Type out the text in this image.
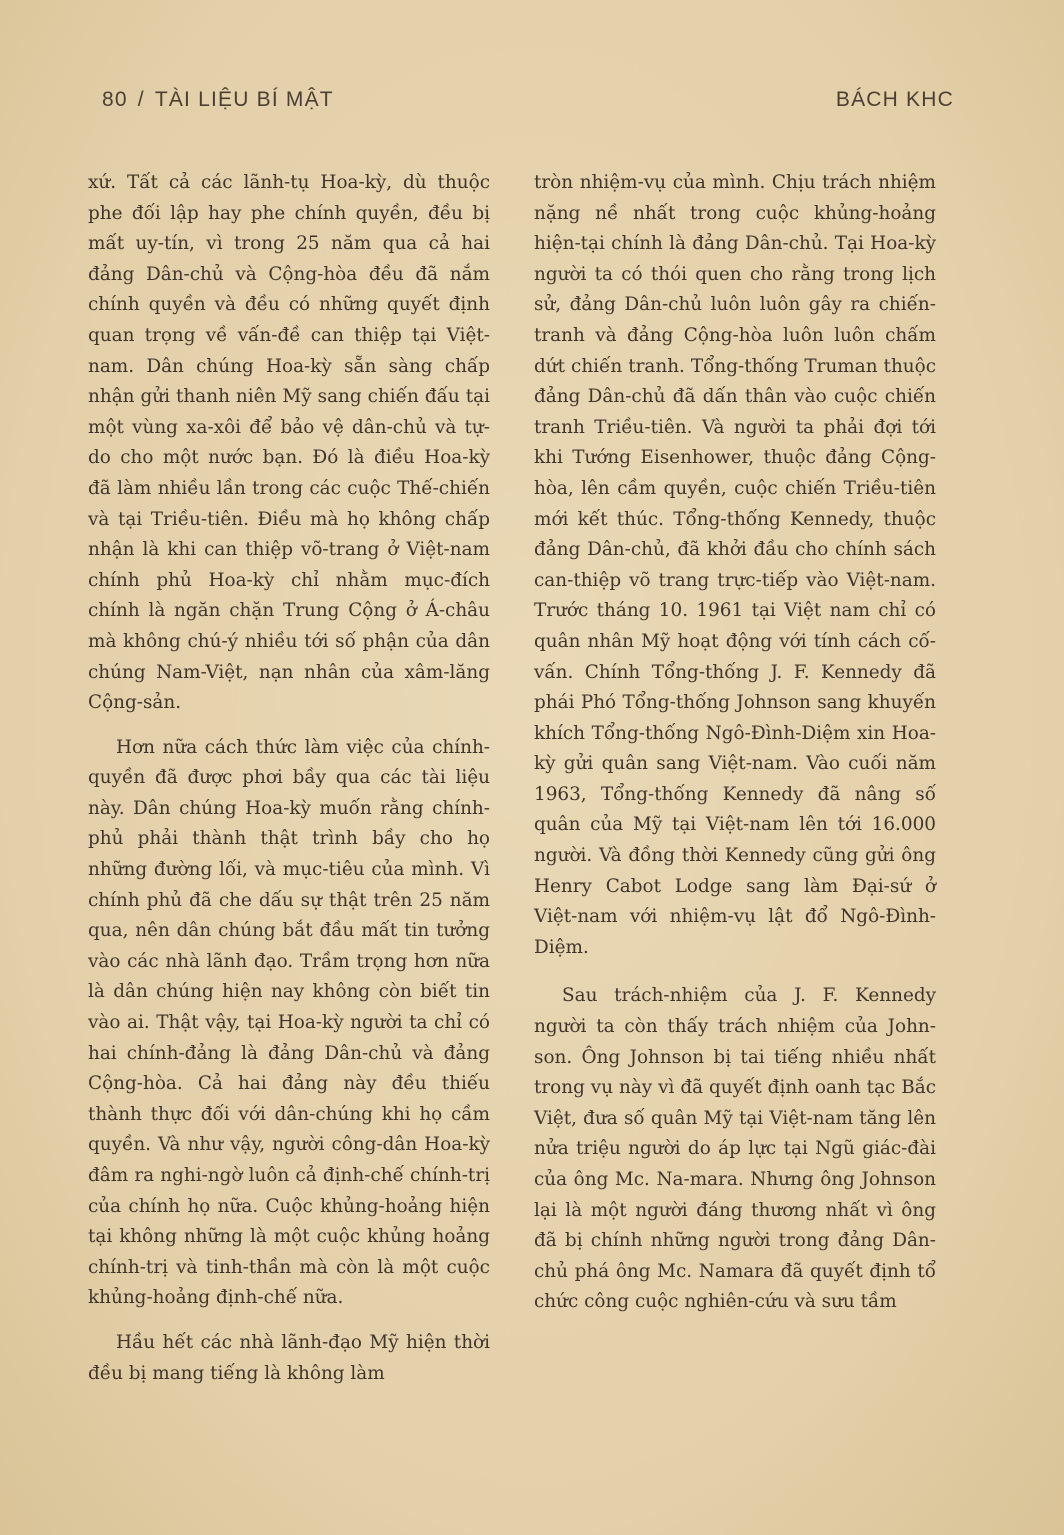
80 / TÀI LIỆU BÍ MẬT	BÁCH KHC

xứ. Tất cả các lãnh-tụ Hoa-kỳ, dù thuộc phe đối lập hay phe chính quyền, đều bị mất uy-tín, vì trong 25 năm qua cả hai đảng Dân-chủ và Cộng-hòa đều đã nắm chính quyền và đều có những quyết định quan trọng về vấn-đề can thiệp tại Việt-nam. Dân chúng Hoa-kỳ sẵn sàng chấp nhận gửi thanh niên Mỹ sang chiến đấu tại một vùng xa-xôi để bảo vệ dân-chủ và tự-do cho một nước bạn. Đó là điều Hoa-kỳ đã làm nhiều lần trong các cuộc Thế-chiến và tại Triều-tiên. Điều mà họ không chấp nhận là khi can thiệp võ-trang ở Việt-nam chính phủ Hoa-kỳ chỉ nhằm mục-đích chính là ngăn chặn Trung Cộng ở Á-châu mà không chú-ý nhiều tới số phận của dân chúng Nam-Việt, nạn nhân của xâm-lăng Cộng-sản.

Hơn nữa cách thức làm việc của chính-quyền đã được phơi bầy qua các tài liệu này. Dân chúng Hoa-kỳ muốn rằng chính-phủ phải thành thật trình bầy cho họ những đường lối, và mục-tiêu của mình. Vì chính phủ đã che dấu sự thật trên 25 năm qua, nên dân chúng bắt đầu mất tin tưởng vào các nhà lãnh đạo. Trầm trọng hơn nữa là dân chúng hiện nay không còn biết tin vào ai. Thật vậy, tại Hoa-kỳ người ta chỉ có hai chính-đảng là đảng Dân-chủ và đảng Cộng-hòa. Cả hai đảng này đều thiếu thành thực đối với dân-chúng khi họ cầm quyền. Và như vậy, người công-dân Hoa-kỳ đâm ra nghi-ngờ luôn cả định-chế chính-trị của chính họ nữa. Cuộc khủng-hoảng hiện tại không những là một cuộc khủng hoảng chính-trị và tinh-thần mà còn là một cuộc khủng-hoảng định-chế nữa.

Hầu hết các nhà lãnh-đạo Mỹ hiện thời đều bị mang tiếng là không làm

tròn nhiệm-vụ của mình. Chịu trách nhiệm nặng nề nhất trong cuộc khủng-hoảng hiện-tại chính là đảng Dân-chủ. Tại Hoa-kỳ người ta có thói quen cho rằng trong lịch sử, đảng Dân-chủ luôn luôn gây ra chiến-tranh và đảng Cộng-hòa luôn luôn chấm dứt chiến tranh. Tổng-thống Truman thuộc đảng Dân-chủ đã dấn thân vào cuộc chiến tranh Triều-tiên. Và người ta phải đợi tới khi Tướng Eisenhower, thuộc đảng Cộng-hòa, lên cầm quyền, cuộc chiến Triều-tiên mới kết thúc. Tổng-thống Kennedy, thuộc đảng Dân-chủ, đã khởi đầu cho chính sách can-thiệp võ trang trực-tiếp vào Việt-nam. Trước tháng 10. 1961 tại Việt nam chỉ có quân nhân Mỹ hoạt động với tính cách cố-vấn. Chính Tổng-thống J. F. Kennedy đã phái Phó Tổng-thống Johnson sang khuyến khích Tổng-thống Ngô-Đình-Diệm xin Hoa-kỳ gửi quân sang Việt-nam. Vào cuối năm 1963, Tổng-thống Kennedy đã nâng số quân của Mỹ tại Việt-nam lên tới 16.000 người. Và đồng thời Kennedy cũng gửi ông Henry Cabot Lodge sang làm Đại-sứ ở Việt-nam với nhiệm-vụ lật đổ Ngô-Đình-Diệm.

Sau trách-nhiệm của J. F. Kennedy người ta còn thấy trách nhiệm của John-son. Ông Johnson bị tai tiếng nhiều nhất trong vụ này vì đã quyết định oanh tạc Bắc Việt, đưa số quân Mỹ tại Việt-nam tăng lên nửa triệu người do áp lực tại Ngũ giác-đài của ông Mc. Na-mara. Nhưng ông Johnson lại là một người đáng thương nhất vì ông đã bị chính những người trong đảng Dân-chủ phá ông Mc. Namara đã quyết định tổ chức công cuộc nghiên-cứu và sưu tầm
